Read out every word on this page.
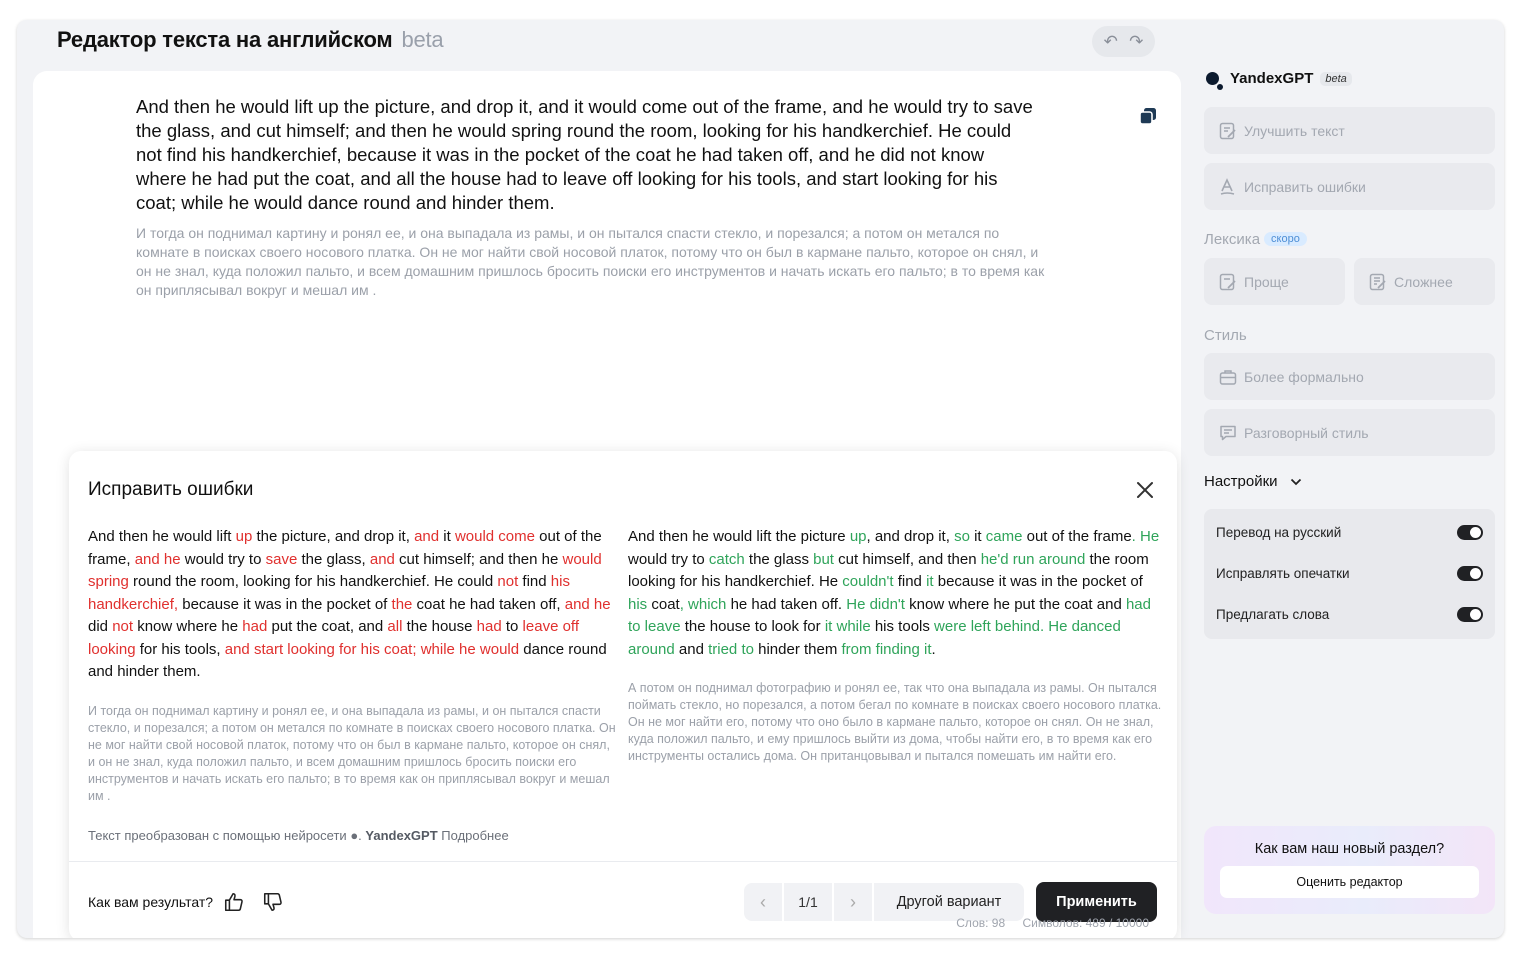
Редактор текста на английском beta	↶ ↷
And then he would lift up the picture, and drop it, and it would come out of the frame, and he would try to save the glass, and cut himself; and then he would spring round the room, looking for his handkerchief. He could not find his handkerchief, because it was in the pocket of the coat he had taken off, and he did not know where he had put the coat, and all the house had to leave off looking for his tools, and start looking for his coat; while he would dance round and hinder them.
И тогда он поднимал картину и ронял ее, и она выпадала из рамы, и он пытался спасти стекло, и порезался; а потом он метался по комнате в поисках своего носового платка. Он не мог найти свой носовой платок, потому что он был в кармане пальто, которое он снял, и он не знал, куда положил пальто, и всем домашним пришлось бросить поиски его инструментов и начать искать его пальто; в то время как он приплясывал вокруг и мешал им .
Исправить ошибки
And then he would lift up the picture, and drop it, and it would come out of the frame, and he would try to save the glass, and cut himself; and then he would spring round the room, looking for his handkerchief. He could not find his handkerchief, because it was in the pocket of the coat he had taken off, and he did not know where he had put the coat, and all the house had to leave off looking for his tools, and start looking for his coat; while he would dance round and hinder them.
И тогда он поднимал картину и ронял ее, и она выпадала из рамы, и он пытался спасти стекло, и порезался; а потом он метался по комнате в поисках своего носового платка. Он не мог найти свой носовой платок, потому что он был в кармане пальто, которое он снял, и он не знал, куда положил пальто, и всем домашним пришлось бросить поиски его инструментов и начать искать его пальто; в то время как он приплясывал вокруг и мешал им .
And then he would lift the picture up, and drop it, so it came out of the frame. He would try to catch the glass but cut himself, and then he'd run around the room looking for his handkerchief. He couldn't find it because it was in the pocket of his coat, which he had taken off. He didn't know where he put the coat and had to leave the house to look for it while his tools were left behind. He danced around and tried to hinder them from finding it.
А потом он поднимал фотографию и ронял ее, так что она выпадала из рамы. Он пытался поймать стекло, но порезался, а потом бегал по комнате в поисках своего носового платка. Он не мог найти его, потому что оно было в кармане пальто, которое он снял. Он не знал, куда положил пальто, и ему пришлось выйти из дома, чтобы найти его, в то время как его инструменты остались дома. Он пританцовывал и пытался помешать им найти его.
Текст преобразован с помощью нейросети ●. YandexGPT Подробнее
Как вам результат?	‹	1/1	›	Другой вариант	Применить
Слов: 98 Символов: 489 / 10000
YandexGPT	beta
Улучшить текст
Исправить ошибки
Лексика скоро
Проще	Сложнее
Стиль
Более формально
Разговорный стиль
Настройки
Перевод на русский
Исправлять опечатки
Предлагать слова
Как вам наш новый раздел?
Оценить редактор
